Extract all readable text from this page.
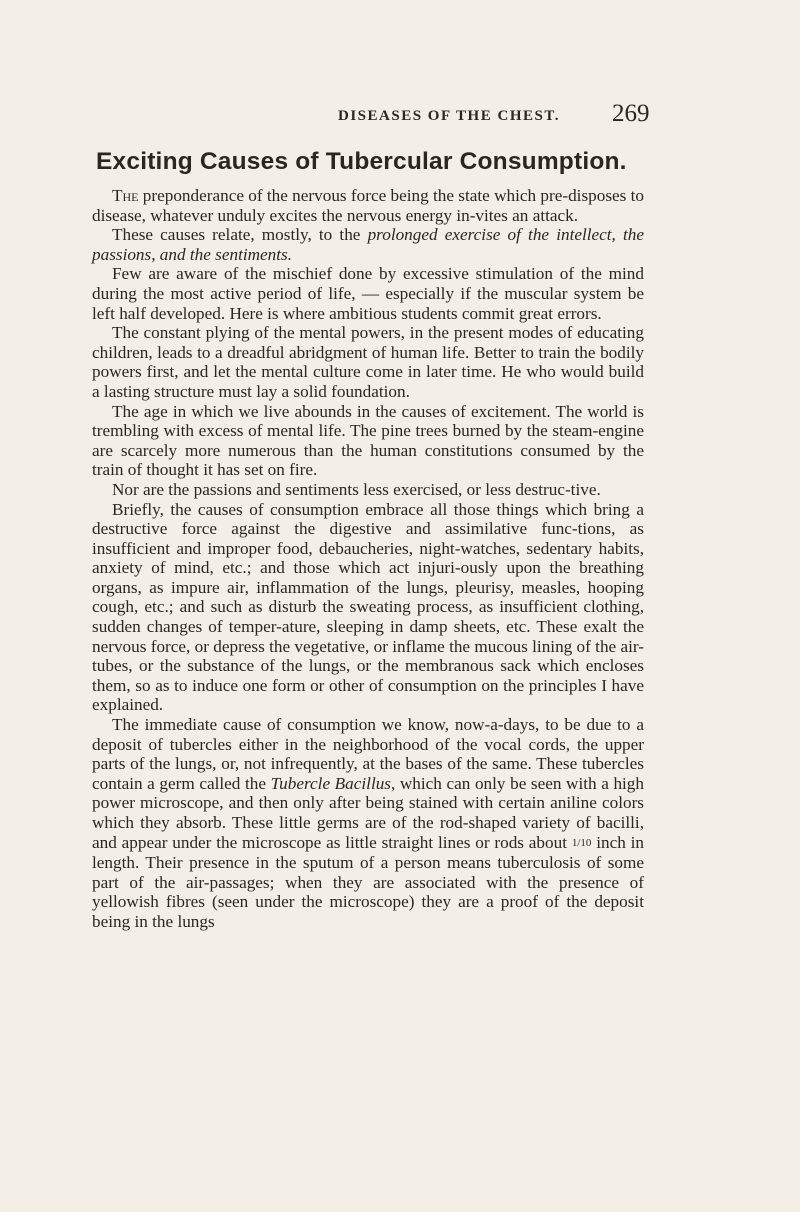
DISEASES OF THE CHEST.	269
Exciting Causes of Tubercular Consumption.

The preponderance of the nervous force being the state which pre-disposes to disease, whatever unduly excites the nervous energy in-vites an attack.

These causes relate, mostly, to the prolonged exercise of the intellect, the passions, and the sentiments.

Few are aware of the mischief done by excessive stimulation of the mind during the most active period of life, — especially if the muscular system be left half developed. Here is where ambitious students commit great errors.

The constant plying of the mental powers, in the present modes of educating children, leads to a dreadful abridgment of human life. Better to train the bodily powers first, and let the mental culture come in later time. He who would build a lasting structure must lay a solid foundation.

The age in which we live abounds in the causes of excitement. The world is trembling with excess of mental life. The pine trees burned by the steam-engine are scarcely more numerous than the human constitutions consumed by the train of thought it has set on fire.

Nor are the passions and sentiments less exercised, or less destruc-tive.

Briefly, the causes of consumption embrace all those things which bring a destructive force against the digestive and assimilative func-tions, as insufficient and improper food, debaucheries, night-watches, sedentary habits, anxiety of mind, etc.; and those which act injuri-ously upon the breathing organs, as impure air, inflammation of the lungs, pleurisy, measles, hooping cough, etc.; and such as disturb the sweating process, as insufficient clothing, sudden changes of temper-ature, sleeping in damp sheets, etc. These exalt the nervous force, or depress the vegetative, or inflame the mucous lining of the air-tubes, or the substance of the lungs, or the membranous sack which encloses them, so as to induce one form or other of consumption on the principles I have explained.

The immediate cause of consumption we know, now-a-days, to be due to a deposit of tubercles either in the neighborhood of the vocal cords, the upper parts of the lungs, or, not infrequently, at the bases of the same. These tubercles contain a germ called the Tubercle Bacillus, which can only be seen with a high power microscope, and then only after being stained with certain aniline colors which they absorb. These little germs are of the rod-shaped variety of bacilli, and appear under the microscope as little straight lines or rods about 1/10 inch in length. Their presence in the sputum of a person means tuberculosis of some part of the air-passages; when they are associated with the presence of yellowish fibres (seen under the microscope) they are a proof of the deposit being in the lungs
